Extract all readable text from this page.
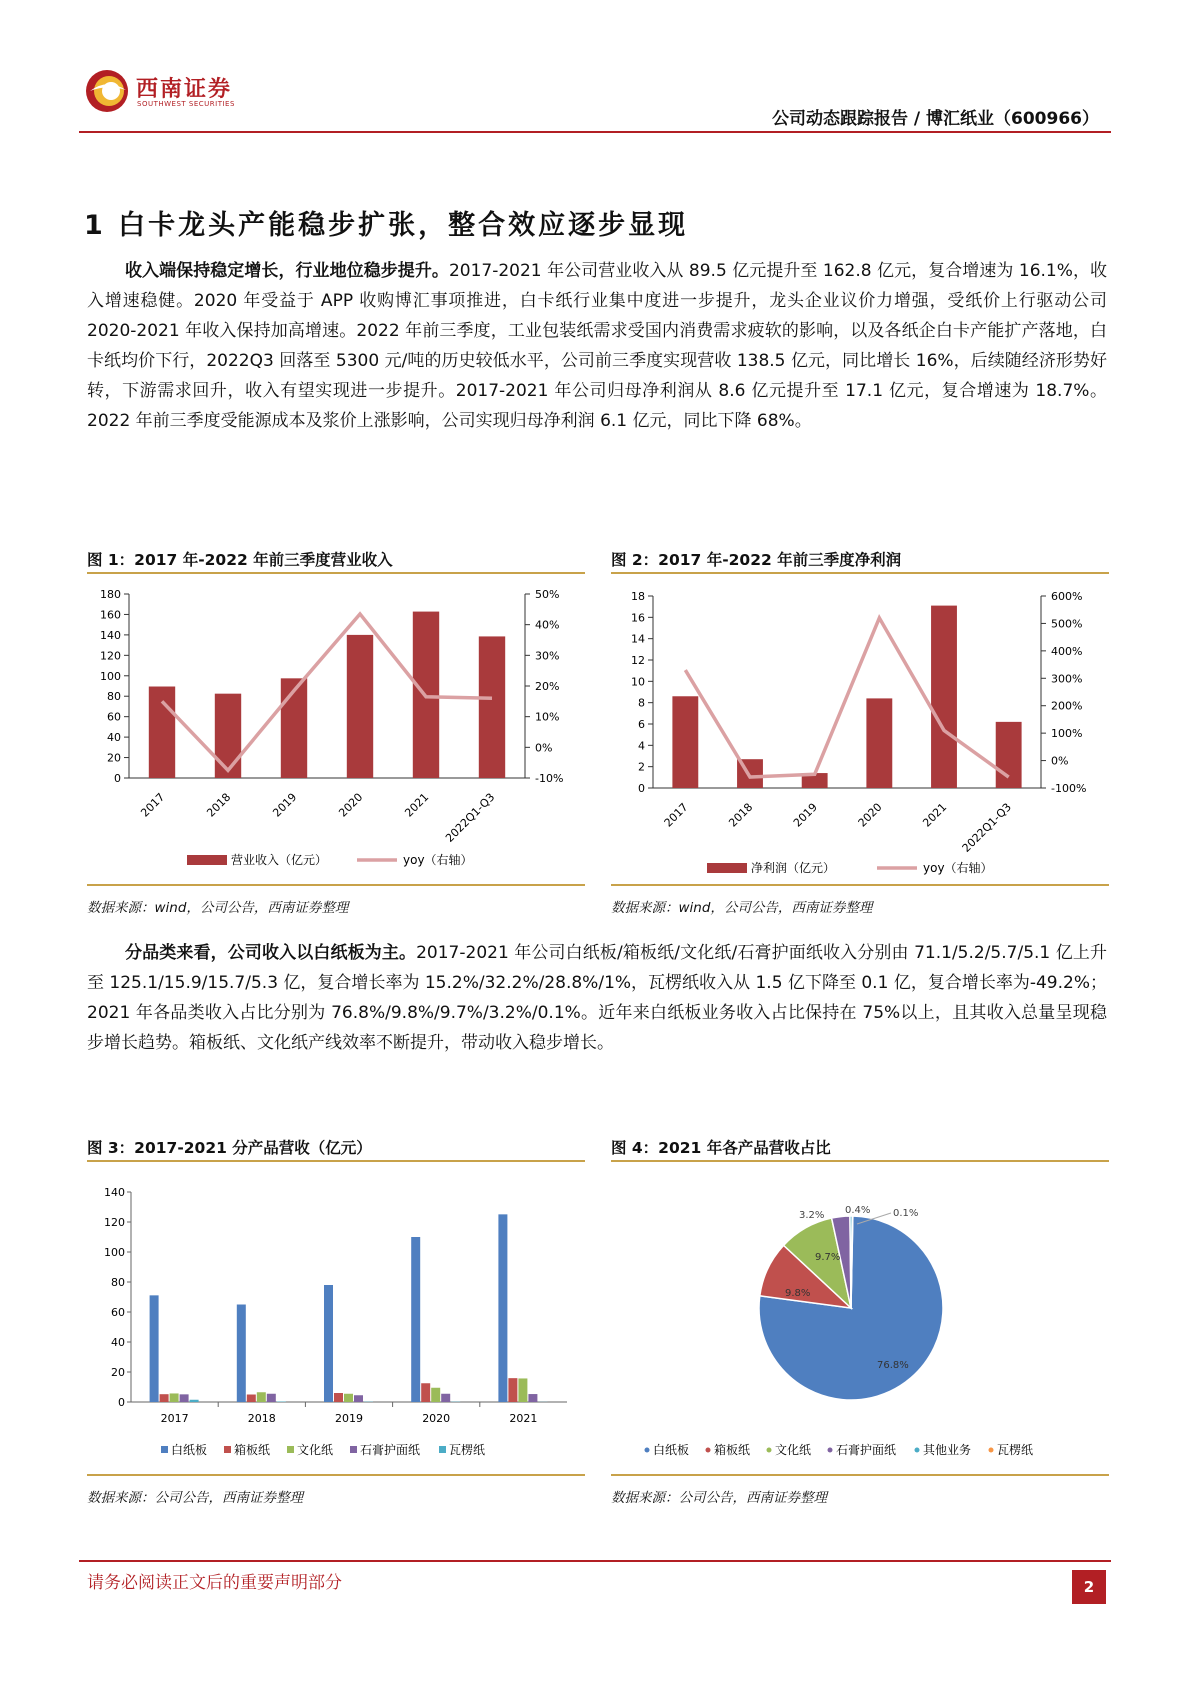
西南证券
SOUTHWEST SECURITIES
公司动态跟踪报告 / 博汇纸业（600966）
1 白卡龙头产能稳步扩张，整合效应逐步显现
收入端保持稳定增长，行业地位稳步提升。2017-2021 年公司营业收入从 89.5 亿元提升至 162.8 亿元，复合增速为 16.1%，收入增速稳健。2020 年受益于 APP 收购博汇事项推进，白卡纸行业集中度进一步提升，龙头企业议价力增强，受纸价上行驱动公司 2020-2021 年收入保持加高增速。2022 年前三季度，工业包装纸需求受国内消费需求疲软的影响，以及各纸企白卡产能扩产落地，白卡纸均价下行，2022Q3 回落至 5300 元/吨的历史较低水平，公司前三季度实现营收 138.5 亿元，同比增长 16%，后续随经济形势好转，下游需求回升，收入有望实现进一步提升。2017-2021 年公司归母净利润从 8.6 亿元提升至 17.1 亿元，复合增速为 18.7%。2022 年前三季度受能源成本及浆价上涨影响，公司实现归母净利润 6.1 亿元，同比下降 68%。
图 1：2017 年-2022 年前三季度营业收入
0
20
40
60
80
100
120
140
160
180
-10%
0%
10%
20%
30%
40%
50%
2017	2018	2019	2020	2021 2022Q1-Q3
营业收入（亿元）	yoy（右轴）
数据来源：wind，公司公告，西南证券整理
图 2：2017 年-2022 年前三季度净利润
0
2
4
6
8
10
12
14
16
18
-100%
0%
100%
200%
300%
400%
500%
600%
2017	2018	2019	2020	2021 2022Q1-Q3
净利润（亿元）	yoy（右轴）
数据来源：wind，公司公告，西南证券整理
分品类来看，公司收入以白纸板为主。2017-2021 年公司白纸板/箱板纸/文化纸/石膏护面纸收入分别由 71.1/5.2/5.7/5.1 亿上升至 125.1/15.9/15.7/5.3 亿，复合增长率为 15.2%/32.2%/28.8%/1%，瓦楞纸收入从 1.5 亿下降至 0.1 亿，复合增长率为-49.2%；2021 年各品类收入占比分别为 76.8%/9.8%/9.7%/3.2%/0.1%。近年来白纸板业务收入占比保持在 75%以上，且其收入总量呈现稳步增长趋势。箱板纸、文化纸产线效率不断提升，带动收入稳步增长。
图 3：2017-2021 分产品营收（亿元）
0
20
40
60
80
100
120
140
2017	2018	2019	2020	2021
白纸板 箱板纸 文化纸 石膏护面纸 瓦楞纸
数据来源：公司公告，西南证券整理
图 4：2021 年各产品营收占比
76.8%
9.8%
9.7%
3.2% 0.4% 0.1%
白纸板 箱板纸 文化纸 石膏护面纸 其他业务 瓦楞纸
数据来源：公司公告，西南证券整理
请务必阅读正文后的重要声明部分	2
